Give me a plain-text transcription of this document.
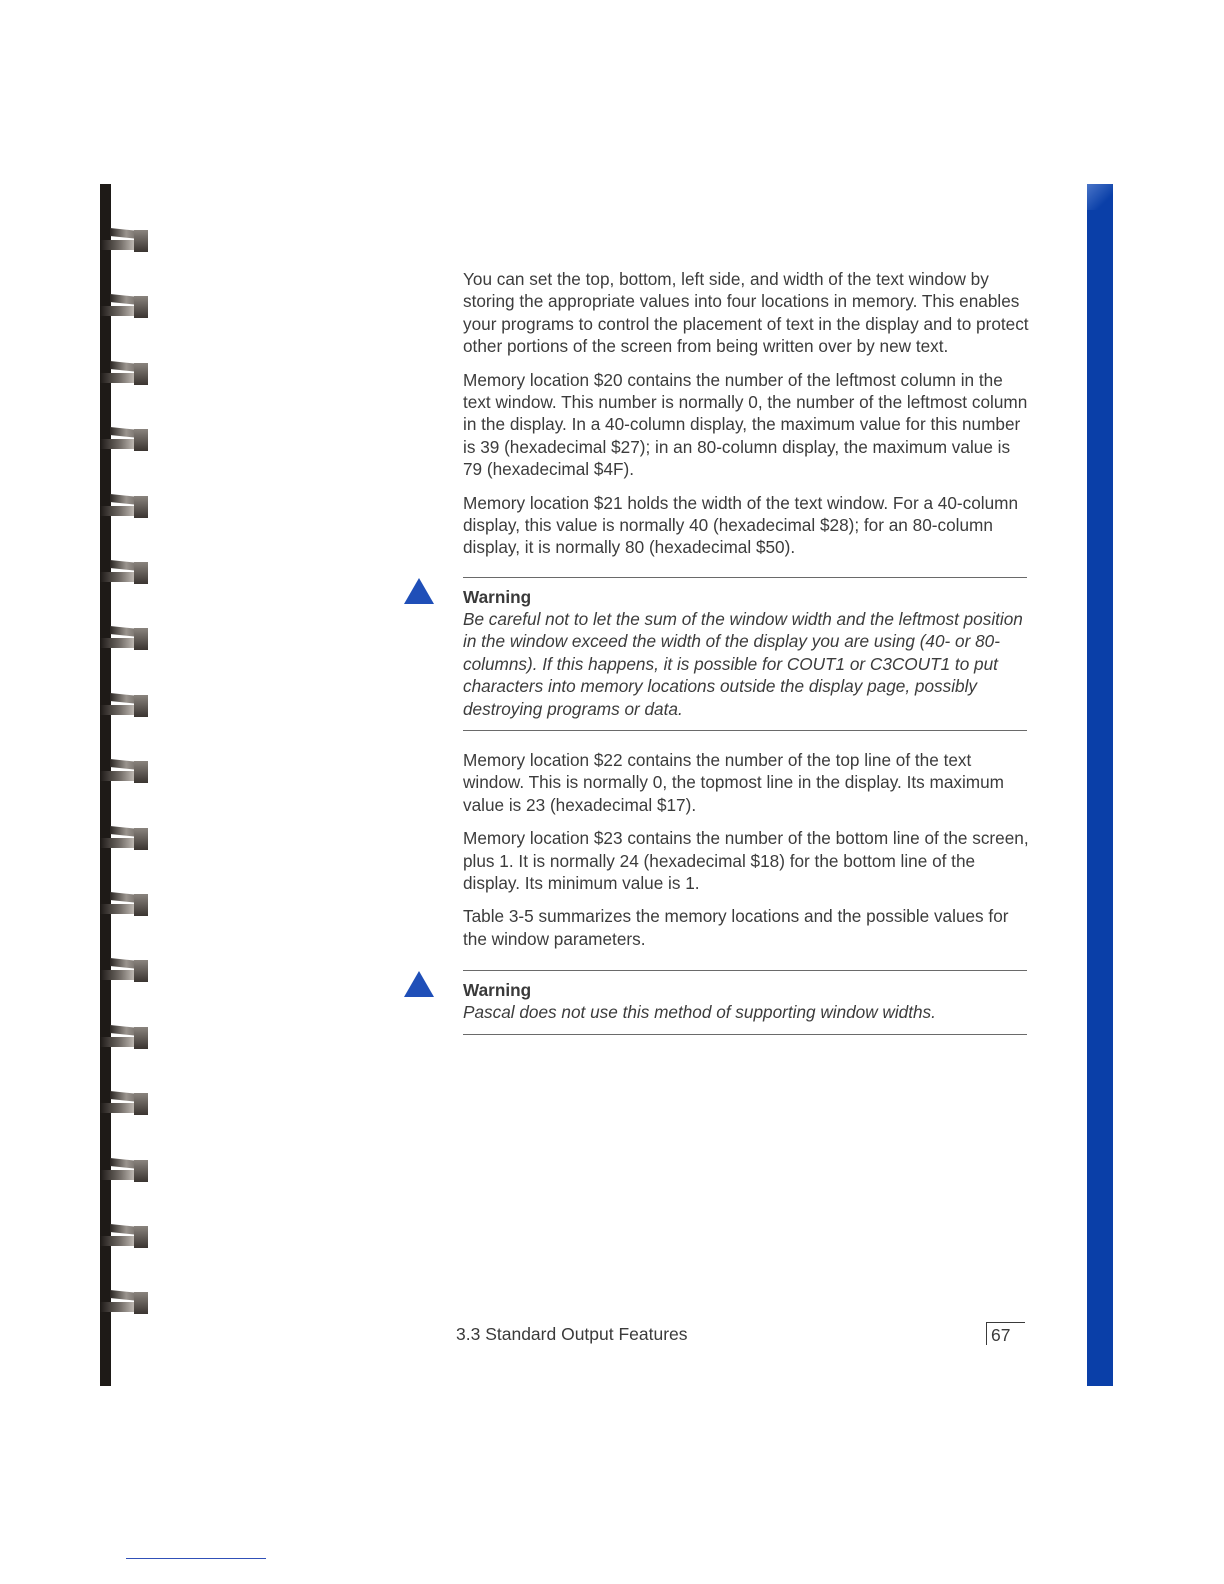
You can set the top, bottom, left side, and width of the text window by storing the appropriate values into four locations in memory. This enables your programs to control the placement of text in the display and to protect other portions of the screen from being written over by new text.

Memory location $20 contains the number of the leftmost column in the text window. This number is normally 0, the number of the leftmost column in the display. In a 40-column display, the maximum value for this number is 39 (hexadecimal $27); in an 80-column display, the maximum value is 79 (hexadecimal $4F).

Memory location $21 holds the width of the text window. For a 40-column display, this value is normally 40 (hexadecimal $28); for an 80-column display, it is normally 80 (hexadecimal $50).

Warning
Be careful not to let the sum of the window width and the leftmost position in the window exceed the width of the display you are using (40- or 80-columns). If this happens, it is possible for COUT1 or C3COUT1 to put characters into memory locations outside the display page, possibly destroying programs or data.

Memory location $22 contains the number of the top line of the text window. This is normally 0, the topmost line in the display. Its maximum value is 23 (hexadecimal $17).

Memory location $23 contains the number of the bottom line of the screen, plus 1. It is normally 24 (hexadecimal $18) for the bottom line of the display. Its minimum value is 1.

Table 3-5 summarizes the memory locations and the possible values for the window parameters.

Warning
Pascal does not use this method of supporting window widths.
3.3 Standard Output Features	67
